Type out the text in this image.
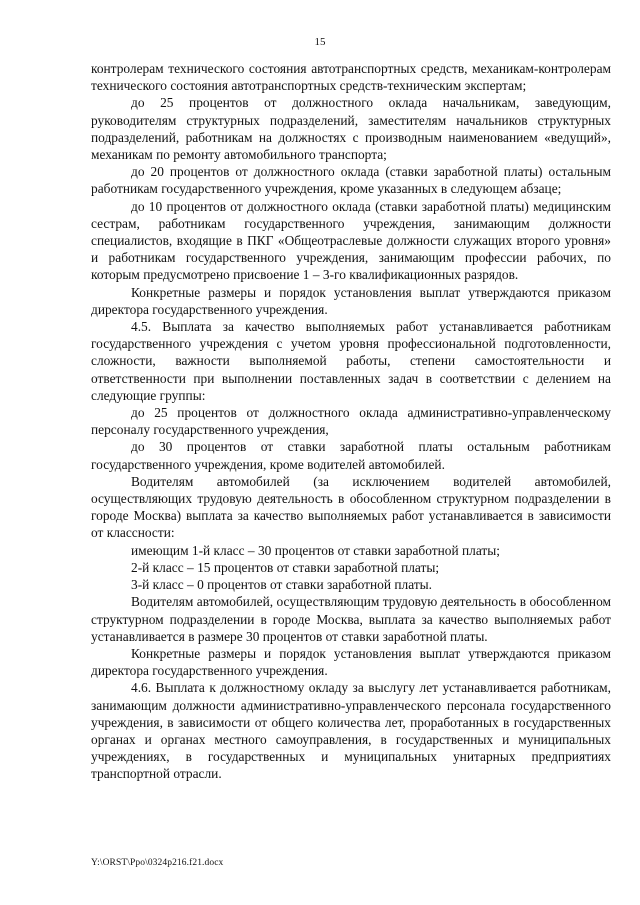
15

контролерам технического состояния автотранспортных средств, механикам-контролерам технического состояния автотранспортных средств-техническим экспертам;

до 25 процентов от должностного оклада начальникам, заведующим, руководителям структурных подразделений, заместителям начальников структурных подразделений, работникам на должностях с производным наименованием «ведущий», механикам по ремонту автомобильного транспорта;

до 20 процентов от должностного оклада (ставки заработной платы) остальным работникам государственного учреждения, кроме указанных в следующем абзаце;

до 10 процентов от должностного оклада (ставки заработной платы) медицинским сестрам, работникам государственного учреждения, занимающим должности специалистов, входящие в ПКГ «Общеотраслевые должности служащих второго уровня» и работникам государственного учреждения, занимающим профессии рабочих, по которым предусмотрено присвоение 1 – 3-го квалификационных разрядов.

Конкретные размеры и порядок установления выплат утверждаются приказом директора государственного учреждения.

4.5. Выплата за качество выполняемых работ устанавливается работникам государственного учреждения с учетом уровня профессиональной подготовленности, сложности, важности выполняемой работы, степени самостоятельности и ответственности при выполнении поставленных задач в соответствии с делением на следующие группы:

до 25 процентов от должностного оклада административно-управленческому персоналу государственного учреждения,

до 30 процентов от ставки заработной платы остальным работникам государственного учреждения, кроме водителей автомобилей.

Водителям автомобилей (за исключением водителей автомобилей, осуществляющих трудовую деятельность в обособленном структурном подразделении в городе Москва) выплата за качество выполняемых работ устанавливается в зависимости от классности:

имеющим 1-й класс – 30 процентов от ставки заработной платы;

2-й класс – 15 процентов от ставки заработной платы;

3-й класс – 0 процентов от ставки заработной платы.

Водителям автомобилей, осуществляющим трудовую деятельность в обособленном структурном подразделении в городе Москва, выплата за качество выполняемых работ устанавливается в размере 30 процентов от ставки заработной платы.

Конкретные размеры и порядок установления выплат утверждаются приказом директора государственного учреждения.

4.6. Выплата к должностному окладу за выслугу лет устанавливается работникам, занимающим должности административно-управленческого персонала государственного учреждения, в зависимости от общего количества лет, проработанных в государственных органах и органах местного самоуправления, в государственных и муниципальных учреждениях, в государственных и муниципальных унитарных предприятиях транспортной отрасли.

Y:\ORST\Ppo\0324p216.f21.docx
